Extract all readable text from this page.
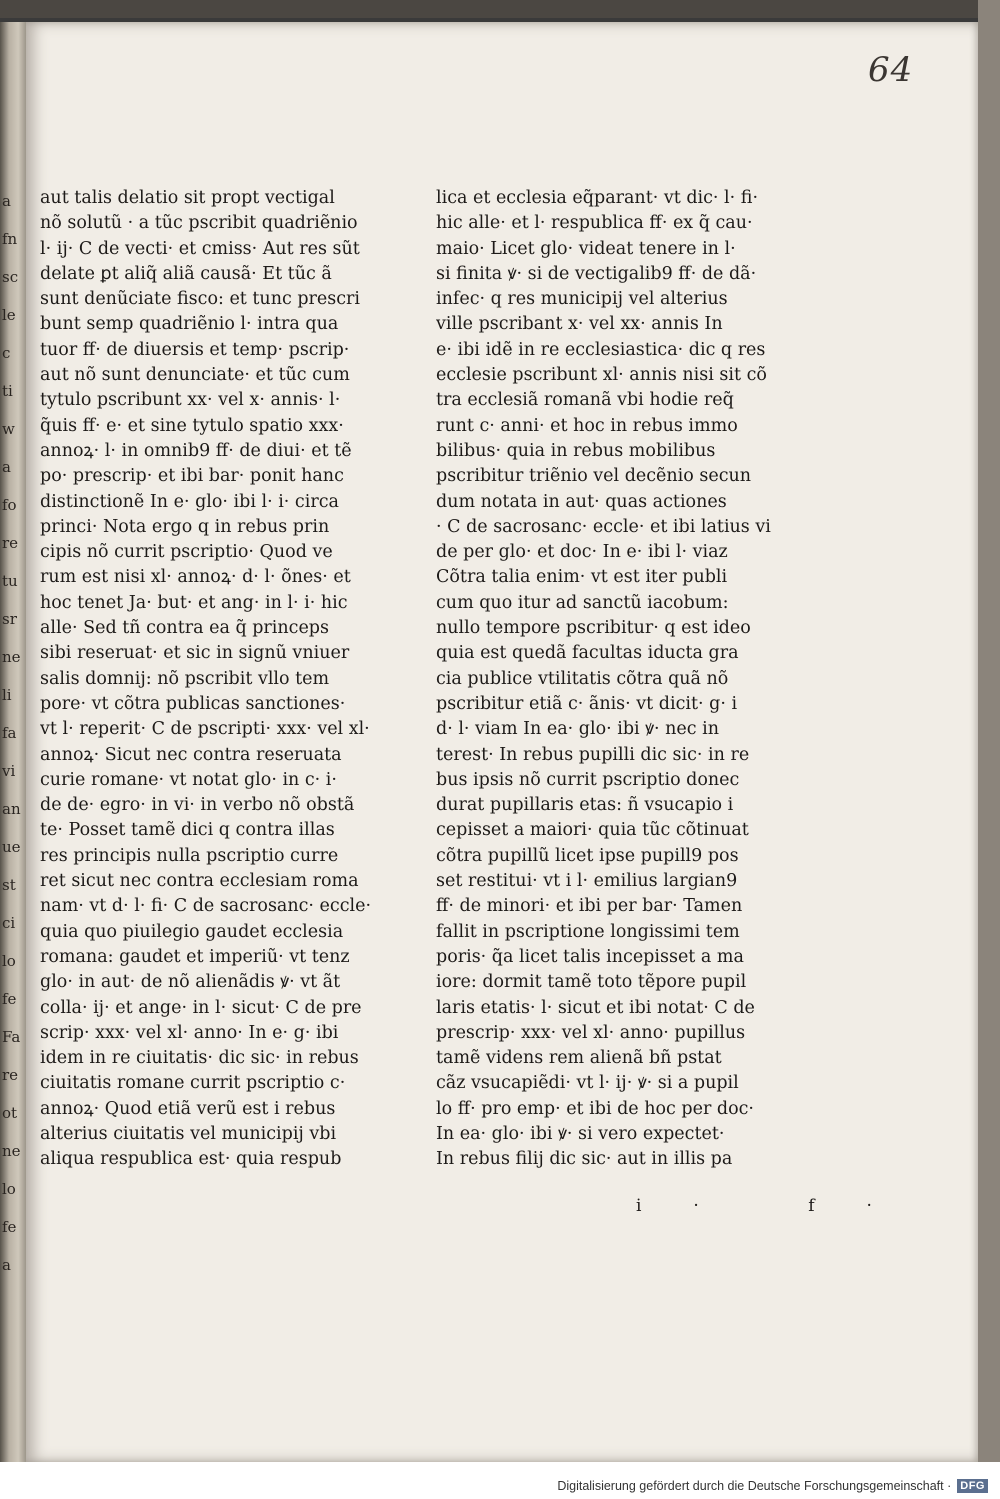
a
fn
sc
le
c
ti
w
a
fo
re
tu
sr
ne
li
fa
vi
an
ue
st
ci
lo
fe
Fa
re
ot
ne
lo
fe
a
64
aut talis delatio sit propt vectigal
nõ solutũ · a tũc pscribit quadriẽnio
l· ij· C de vecti· et cmiss· Aut res sũt
delate ꝑt aliq̃ aliã causã· Et tũc ã
sunt denũciate fisco: et tunc prescri
bunt semp quadriẽnio l· intra qua
tuor ff· de diuersis et temp· pscrip·
aut nõ sunt denunciate· et tũc cum
tytulo pscribunt xx· vel x· annis· l·
q̃uis ff· e· et sine tytulo spatio xxx·
annoꝝ· l· in omnib9 ff· de diui· et tẽ
po· prescrip· et ibi bar· ponit hanc
distinctionẽ In e· glo· ibi l· i· circa
princi· Nota ergo q in rebus prin
cipis nõ currit pscriptio· Quod ve
rum est nisi xl· annoꝝ· d· l· õnes· et
hoc tenet Ja· but· et ang· in l· i· hic
alle· Sed tñ contra ea q̃ princeps
sibi reseruat· et sic in signũ vniuer
salis domnij: nõ pscribit vllo tem
pore· vt cõtra publicas sanctiones·
vt l· reperit· C de pscripti· xxx· vel xl·
annoꝝ· Sicut nec contra reseruata
curie romane· vt notat glo· in c· i·
de de· egro· in vi· in verbo nõ obstã
te· Posset tamẽ dici q contra illas
res principis nulla pscriptio curre
ret sicut nec contra ecclesiam roma
nam· vt d· l· fi· C de sacrosanc· eccle·
quia quo piuilegio gaudet ecclesia
romana: gaudet et imperiũ· vt tenz
glo· in aut· de nõ alienãdis ꝟ· vt ãt
colla· ij· et ange· in l· sicut· C de pre
scrip· xxx· vel xl· anno· In e· g· ibi
idem in re ciuitatis· dic sic· in rebus
ciuitatis romane currit pscriptio c·
annoꝝ· Quod etiã verũ est i rebus
alterius ciuitatis vel municipij vbi
aliqua respublica est· quia respub
lica et ecclesia eq̃parant· vt dic· l· fi·
hic alle· et l· respublica ff· ex q̃ cau·
maio· Licet glo· videat tenere in l·
si finita ꝟ· si de vectigalib9 ff· de dã·
infec· q res municipij vel alterius
ville pscribant x· vel xx· annis In
e· ibi idẽ in re ecclesiastica· dic q res
ecclesie pscribunt xl· annis nisi sit cõ
tra ecclesiã romanã vbi hodie req̃
runt c· anni· et hoc in rebus immo
bilibus· quia in rebus mobilibus
pscribitur triẽnio vel decẽnio secun
dum notata in aut· quas actiones
· C de sacrosanc· eccle· et ibi latius vi
de per glo· et doc· In e· ibi l· viaz
Cõtra talia enim· vt est iter publi
cum quo itur ad sanctũ iacobum:
nullo tempore pscribitur· q est ideo
quia est quedã facultas iducta gra
cia publice vtilitatis cõtra quã nõ
pscribitur etiã c· ãnis· vt dicit· g· i
d· l· viam In ea· glo· ibi ꝟ· nec in
terest· In rebus pupilli dic sic· in re
bus ipsis nõ currit pscriptio donec
durat pupillaris etas: ñ vsucapio i
cepisset a maiori· quia tũc cõtinuat
cõtra pupillũ licet ipse pupill9 pos
set restitui· vt i l· emilius largian9
ff· de minori· et ibi per bar· Tamen
fallit in pscriptione longissimi tem
poris· q̃a licet talis incepisset a ma
iore: dormit tamẽ toto tẽpore pupil
laris etatis· l· sicut et ibi notat· C de
prescrip· xxx· vel xl· anno· pupillus
tamẽ videns rem alienã bñ pstat
cãz vsucapiẽdi· vt l· ij· ꝟ· si a pupil
lo ff· pro emp· et ibi de hoc per doc·
In ea· glo· ibi ꝟ· si vero expectet·
In rebus filij dic sic· aut in illis pa
i· f·
Digitalisierung gefördert durch die Deutsche Forschungsgemeinschaft · DFG
